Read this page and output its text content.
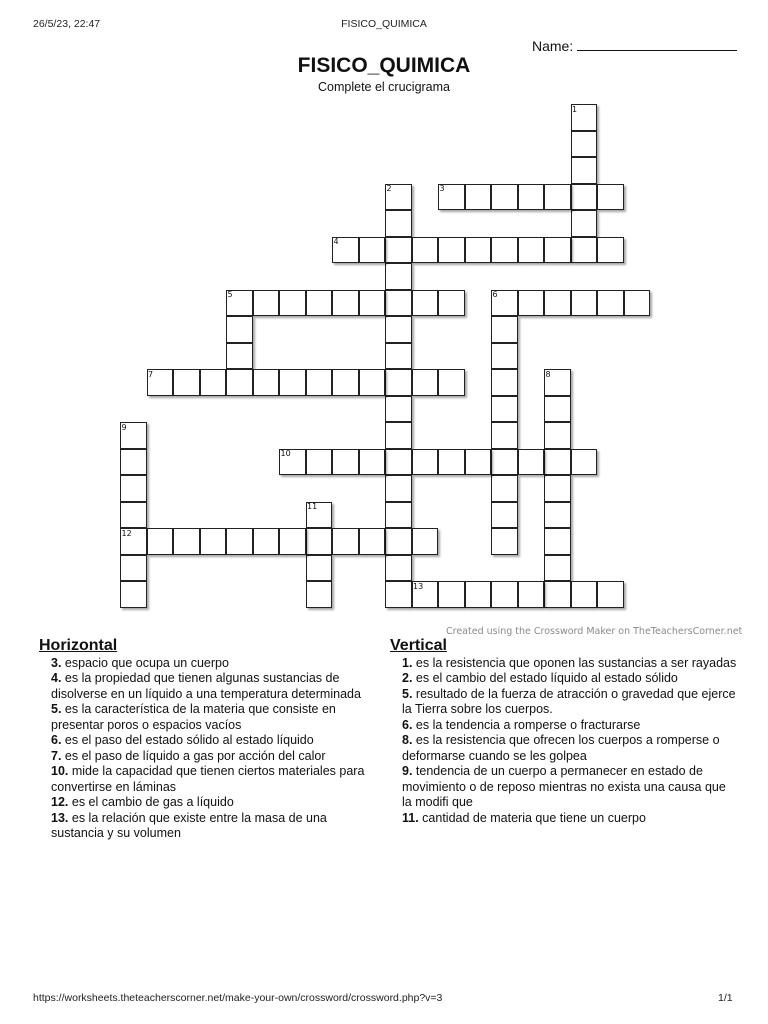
26/5/23, 22:47	FISICO_QUIMICA
Name:
FISICO_QUIMICA
Complete el crucigrama
1
2	3
4
5	6
7	8
9
10
11
12
13
Created using the Crossword Maker on TheTeachersCorner.net
Horizontal
3. espacio que ocupa un cuerpo
4. es la propiedad que tienen algunas sustancias de disolverse en un líquido a una temperatura determinada
5. es la característica de la materia que consiste en presentar poros o espacios vacíos
6. es el paso del estado sólido al estado líquido
7. es el paso de líquido a gas por acción del calor
10. mide la capacidad que tienen ciertos materiales para convertirse en láminas
12. es el cambio de gas a líquido
13. es la relación que existe entre la masa de una sustancia y su volumen
Vertical
1. es la resistencia que oponen las sustancias a ser rayadas
2. es el cambio del estado líquido al estado sólido
5. resultado de la fuerza de atracción o gravedad que ejerce la Tierra sobre los cuerpos.
6. es la tendencia a romperse o fracturarse
8. es la resistencia que ofrecen los cuerpos a romperse o deformarse cuando se les golpea
9. tendencia de un cuerpo a permanecer en estado de movimiento o de reposo mientras no exista una causa que la modifi que
11. cantidad de materia que tiene un cuerpo
https://worksheets.theteacherscorner.net/make-your-own/crossword/crossword.php?v=3	1/1
